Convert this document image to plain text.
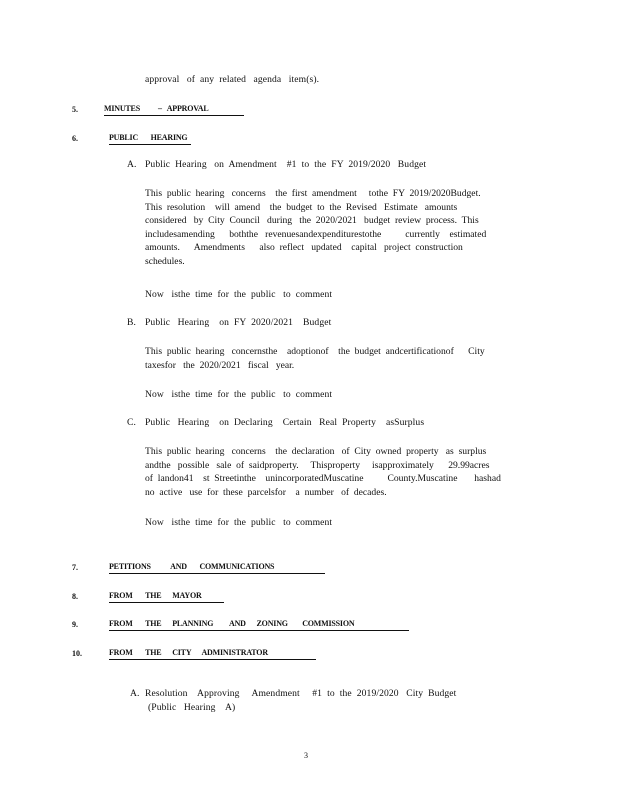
approval   of  any  related   agenda   item(s).
5.	MINUTES          –   APPROVAL
6.	PUBLIC       HEARING
A. Public  Hearing   on  Amendment    #1  to  the  FY  2019/2020   Budget
This  public  hearing   concerns    the  first  amendment     tothe  FY  2019/2020Budget.
This  resolution    will  amend    the  budget  to  the  Revised   Estimate   amounts
considered   by  City  Council   during   the  2020/2021   budget  review  process.  This
includesamending      boththe   revenuesandexpenditurestothe          currently    estimated
amounts.      Amendments      also  reflect   updated    capital   project  construction
schedules.
Now   isthe  time  for  the  public   to  comment
B. Public   Hearing    on  FY  2020/2021    Budget
This  public  hearing   concernsthe    adoptionof    the  budget  andcertificationof      City
taxesfor   the  2020/2021   fiscal   year.
Now   isthe  time  for  the  public   to  comment
C. Public   Hearing    on  Declaring    Certain   Real  Property    asSurplus
This  public  hearing   concerns    the  declaration   of  City  owned  property   as  surplus
andthe   possible   sale  of  saidproperty.     Thisproperty     isapproximately      29.99acres
of  landon41    st  Streetinthe    unincorporatedMuscatine          County.Muscatine       hashad
no  active   use  for  these  parcelsfor    a  number   of  decades.
Now   isthe  time  for  the  public   to  comment
7.	PETITIONS           AND       COMMUNICATIONS
8.	FROM       THE      MAYOR
9.	FROM       THE      PLANNING         AND      ZONING        COMMISSION
10.	FROM       THE      CITY      ADMINISTRATOR
A. Resolution    Approving     Amendment     #1  to  the  2019/2020   City  Budget
(Public   Hearing    A)
3
